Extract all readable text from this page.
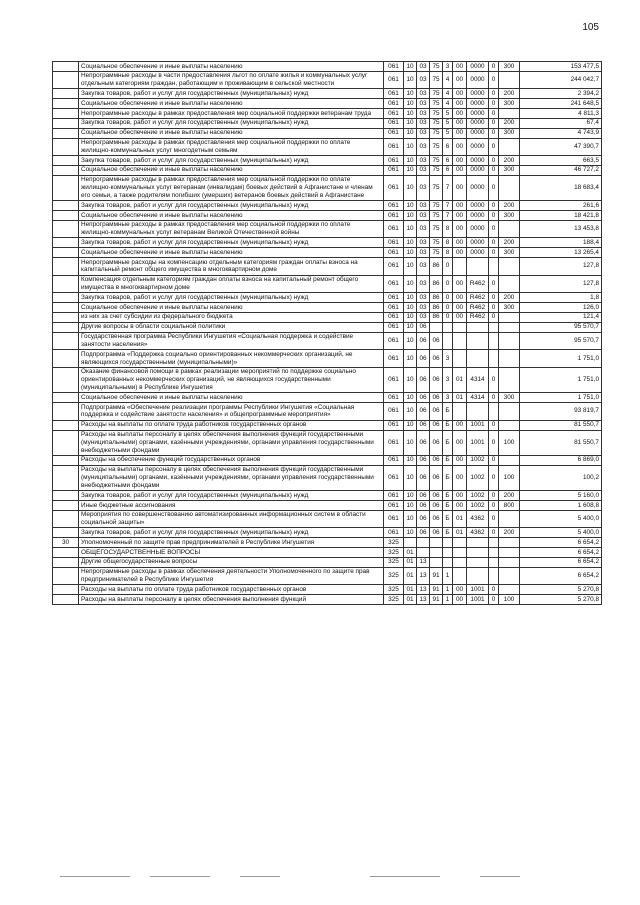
105
	Социальное обеспечение и иные выплаты населению	061	10	03	75	3	00	0000	0	300	153 477,5
	Непрограммные расходы в части предоставления льгот по оплате жилья и коммунальных услуг отдельным категориям граждан, работающим и проживающим в сельской местности	061	10	03	75	4	00	0000	0		244 042,7
	Закупка товаров, работ и услуг для государственных (муниципальных) нужд	061	10	03	75	4	00	0000	0	200	2 394,2
	Социальное обеспечение и иные выплаты населению	061	10	03	75	4	00	0000	0	300	241 648,5
	Непрограммные расходы в рамках предоставления мер социальной поддержки ветеранам труда	061	10	03	75	5	00	0000	0		4 811,3
	Закупка товаров, работ и услуг для государственных (муниципальных) нужд	061	10	03	75	5	00	0000	0	200	67,4
	Социальное обеспечение и иные выплаты населению	061	10	03	75	5	00	0000	0	300	4 743,9
	Непрограммные расходы в рамках предоставления мер социальной поддержки по оплате жилищно-коммунальных услуг многодетным семьям	061	10	03	75	6	00	0000	0		47 390,7
	Закупка товаров, работ и услуг для государственных (муниципальных) нужд	061	10	03	75	6	00	0000	0	200	663,5
	Социальное обеспечение и иные выплаты населению	061	10	03	75	6	00	0000	0	300	46 727,2
	Непрограммные расходы в рамках предоставления мер социальной поддержки по оплате жилищно-коммунальных услуг ветеранам (инвалидам) боевых действий в Афганистане и членам его семьи, а также родителям погибших (умерших) ветеранов боевых действий в Афганистане	061	10	03	75	7	00	0000	0		18 683,4
	Закупка товаров, работ и услуг для государственных (муниципальных) нужд	061	10	03	75	7	00	0000	0	200	261,6
	Социальное обеспечение и иные выплаты населению	061	10	03	75	7	00	0000	0	300	18 421,8
	Непрограммные расходы в рамках предоставления мер социальной поддержки по оплате жилищно-коммунальных услуг ветеранам Великой Отечественной войны	061	10	03	75	8	00	0000	0		13 453,8
	Закупка товаров, работ и услуг для государственных (муниципальных) нужд	061	10	03	75	8	00	0000	0	200	188,4
	Социальное обеспечение и иные выплаты населению	061	10	03	75	8	00	0000	0	300	13 265,4
	Непрограммные расходы на компенсацию отдельным категориям граждан оплаты взноса на капитальный ремонт общего имущества в многоквартирном доме	061	10	03	86	0					127,8
	Компенсация отдельным категориям граждан оплаты взноса на капитальный ремонт общего имущества в многоквартирном доме	061	10	03	86	0	00	R462	0		127,8
	Закупка товаров, работ и услуг для государственных (муниципальных) нужд	061	10	03	86	0	00	R462	0	200	1,8
	Социальное обеспечение и иные выплаты населению	061	10	03	86	0	00	R462	0	300	126,0
	из них за счет субсидии из федерального бюджета	061	10	03	86	0	00	R462	0		121,4
	Другие вопросы в области социальной политики	061	10	06							95 570,7
	Государственная программа Республики Ингушетия «Социальная поддержка и содействие занятости населения»	061	10	06	06						95 570,7
	Подпрограмма «Поддержка социально ориентированных некоммерческих организаций, не являющихся государственными (муниципальными)»	061	10	06	06	3					1 751,0
	Оказание финансовой помощи в рамках реализации мероприятий по поддержке социально ориентированных некоммерческих организаций, не являющихся государственными (муниципальными) в Республике Ингушетия	061	10	06	06	3	01	4314	0		1 751,0
	Социальное обеспечение и иные выплаты населению	061	10	06	06	3	01	4314	0	300	1 751,0
	Подпрограмма «Обеспечение реализации программы Республики Ингушетия «Социальная поддержка и содействие занятости населения» и общепрограммные мероприятия»	061	10	06	06	Б					93 819,7
	Расходы на выплаты по оплате труда работников государственных органов	061	10	06	06	Б	00	1001	0		81 550,7
	Расходы на выплаты персоналу в целях обеспечения выполнения функций государственными (муниципальными) органами, казёнными учреждениями, органами управления государственными внебюджетными фондами	061	10	06	06	Б	00	1001	0	100	81 550,7
	Расходы на обеспечение функций государственных органов	061	10	06	06	Б	00	1002	0		6 869,0
	Расходы на выплаты персоналу в целях обеспечения выполнения функций государственными (муниципальными) органами, казёнными учреждениями, органами управления государственными внебюджетными фондами	061	10	06	06	Б	00	1002	0	100	100,2
	Закупка товаров, работ и услуг для государственных (муниципальных) нужд	061	10	06	06	Б	00	1002	0	200	5 160,0
	Иные бюджетные ассигнования	061	10	06	06	Б	00	1002	0	800	1 608,8
	Мероприятия по совершенствованию автоматизированных информационных систем в области социальной защиты»	061	10	06	06	Б	01	4362	0		5 400,0
	Закупка товаров, работ и услуг для государственных (муниципальных) нужд	061	10	06	06	Б	01	4362	0	200	5 400,0
30	Уполномоченный по защите прав предпринимателей в Республике Ингушетия	325									6 654,2
	ОБЩЕГОСУДАРСТВЕННЫЕ ВОПРОСЫ	325	01								6 654,2
	Другие общегосударственные вопросы	325	01	13							6 654,2
	Непрограммные расходы в рамках обеспечения деятельности Уполномоченного по защите прав предпринимателей в Республике Ингушетия	325	01	13	91	1					6 654,2
	Расходы на выплаты по оплате труда работников государственных органов	325	01	13	91	1	00	1001	0		5 270,8
	Расходы на выплаты персоналу в целях обеспечения выполнения функций	325	01	13	91	1	00	1001	0	100	5 270,8
